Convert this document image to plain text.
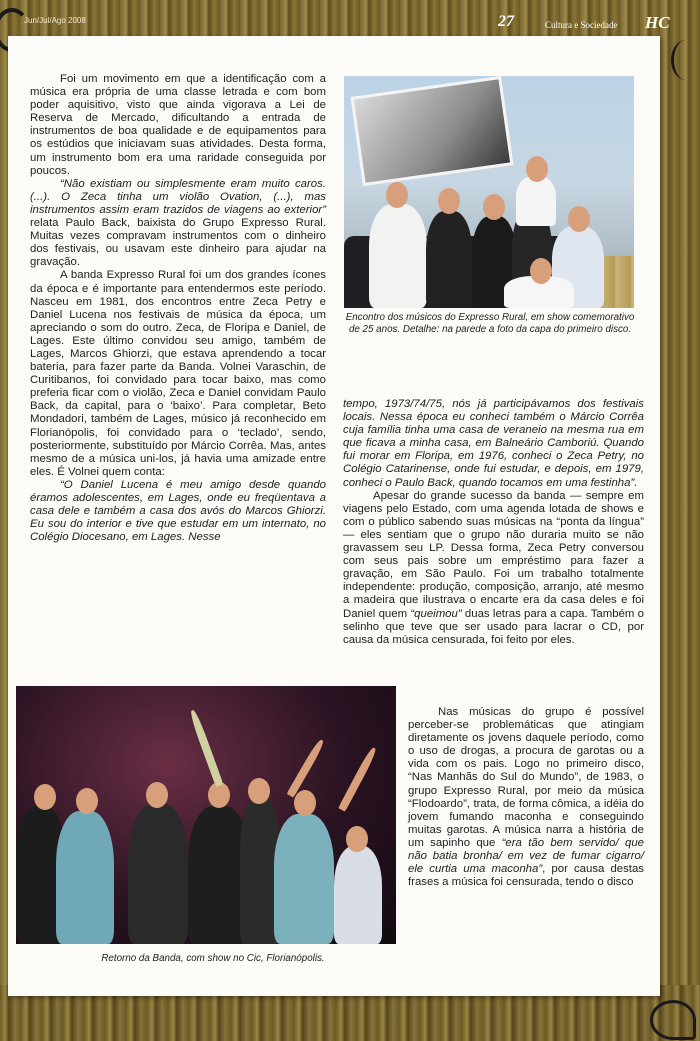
Jun/Jul/Ago 2008	27	Cultura e Sociedade HC

Foi um movimento em que a identificação com a música era própria de uma classe letrada e com bom poder aquisitivo, visto que ainda vigorava a Lei de Reserva de Mercado, dificultando a entrada de instrumentos de boa qualidade e de equipamentos para os estúdios que iniciavam suas atividades. Desta forma, um instrumento bom era uma raridade conseguida por poucos.

“Não existiam ou simplesmente eram muito caros. (...). O Zeca tinha um violão Ovation, (...), mas instrumentos assim eram trazidos de viagens ao exterior” relata Paulo Back, baixista do Grupo Expresso Rural. Muitas vezes compravam instrumentos com o dinheiro dos festivais, ou usavam este dinheiro para ajudar na gravação.

A banda Expresso Rural foi um dos grandes ícones da época e é importante para entendermos este período. Nasceu em 1981, dos encontros entre Zeca Petry e Daniel Lucena nos festivais de música da época, um apreciando o som do outro. Zeca, de Floripa e Daniel, de Lages. Este último convidou seu amigo, também de Lages, Marcos Ghiorzi, que estava aprendendo a tocar bateria, para fazer parte da Banda. Volnei Varaschin, de Curitibanos, foi convidado para tocar baixo, mas como preferia ficar com o violão, Zeca e Daniel convidam Paulo Back, da capital, para o ‘baixo’. Para completar, Beto Mondadori, também de Lages, músico já reconhecido em Florianópolis, foi convidado para o ‘teclado’, sendo, posteriormente, substituído por Márcio Corrêa. Mas, antes mesmo de a música uni-los, já havia uma amizade entre eles. É Volnei quem conta:

“O Daniel Lucena é meu amigo desde quando éramos adolescentes, em Lages, onde eu freqüentava a casa dele e também a casa dos avós do Marcos Ghiorzi. Eu sou do interior e tive que estudar em um internato, no Colégio Diocesano, em Lages. Nesse

Encontro dos músicos do Expresso Rural, em show comemorativo de 25 anos. Detalhe: na parede a foto da capa do primeiro disco.

tempo, 1973/74/75, nós já participávamos dos festivais locais. Nessa época eu conheci também o Márcio Corrêa cuja família tinha uma casa de veraneio na mesma rua em que ficava a minha casa, em Balneário Camboriú. Quando fui morar em Floripa, em 1976, conheci o Zeca Petry, no Colégio Catarinense, onde fui estudar, e depois, em 1979, conheci o Paulo Back, quando tocamos em uma festinha”.

Apesar do grande sucesso da banda — sempre em viagens pelo Estado, com uma agenda lotada de shows e com o público sabendo suas músicas na “ponta da língua” — eles sentiam que o grupo não duraria muito se não gravassem seu LP. Dessa forma, Zeca Petry conversou com seus pais sobre um empréstimo para fazer a gravação, em São Paulo. Foi um trabalho totalmente independente: produção, composição, arranjo, até mesmo a madeira que ilustrava o encarte era da casa deles e foi Daniel quem “queimou” duas letras para a capa. Também o selinho que teve que ser usado para lacrar o CD, por causa da música censurada, foi feito por eles.

Retorno da Banda, com show no Cic, Florianópolis.

Nas músicas do grupo é possível perceber-se problemáticas que atingiam diretamente os jovens daquele período, como o uso de drogas, a procura de garotas ou a vida com os pais. Logo no primeiro disco, “Nas Manhãs do Sul do Mundo”, de 1983, o grupo Expresso Rural, por meio da música “Flodoardo”, trata, de forma cômica, a idéia do jovem fumando maconha e conseguindo muitas garotas. A música narra a história de um sapinho que “era tão bem servido/ que não batia bronha/ em vez de fumar cigarro/ ele curtia uma maconha”, por causa destas frases a música foi censurada, tendo o disco
